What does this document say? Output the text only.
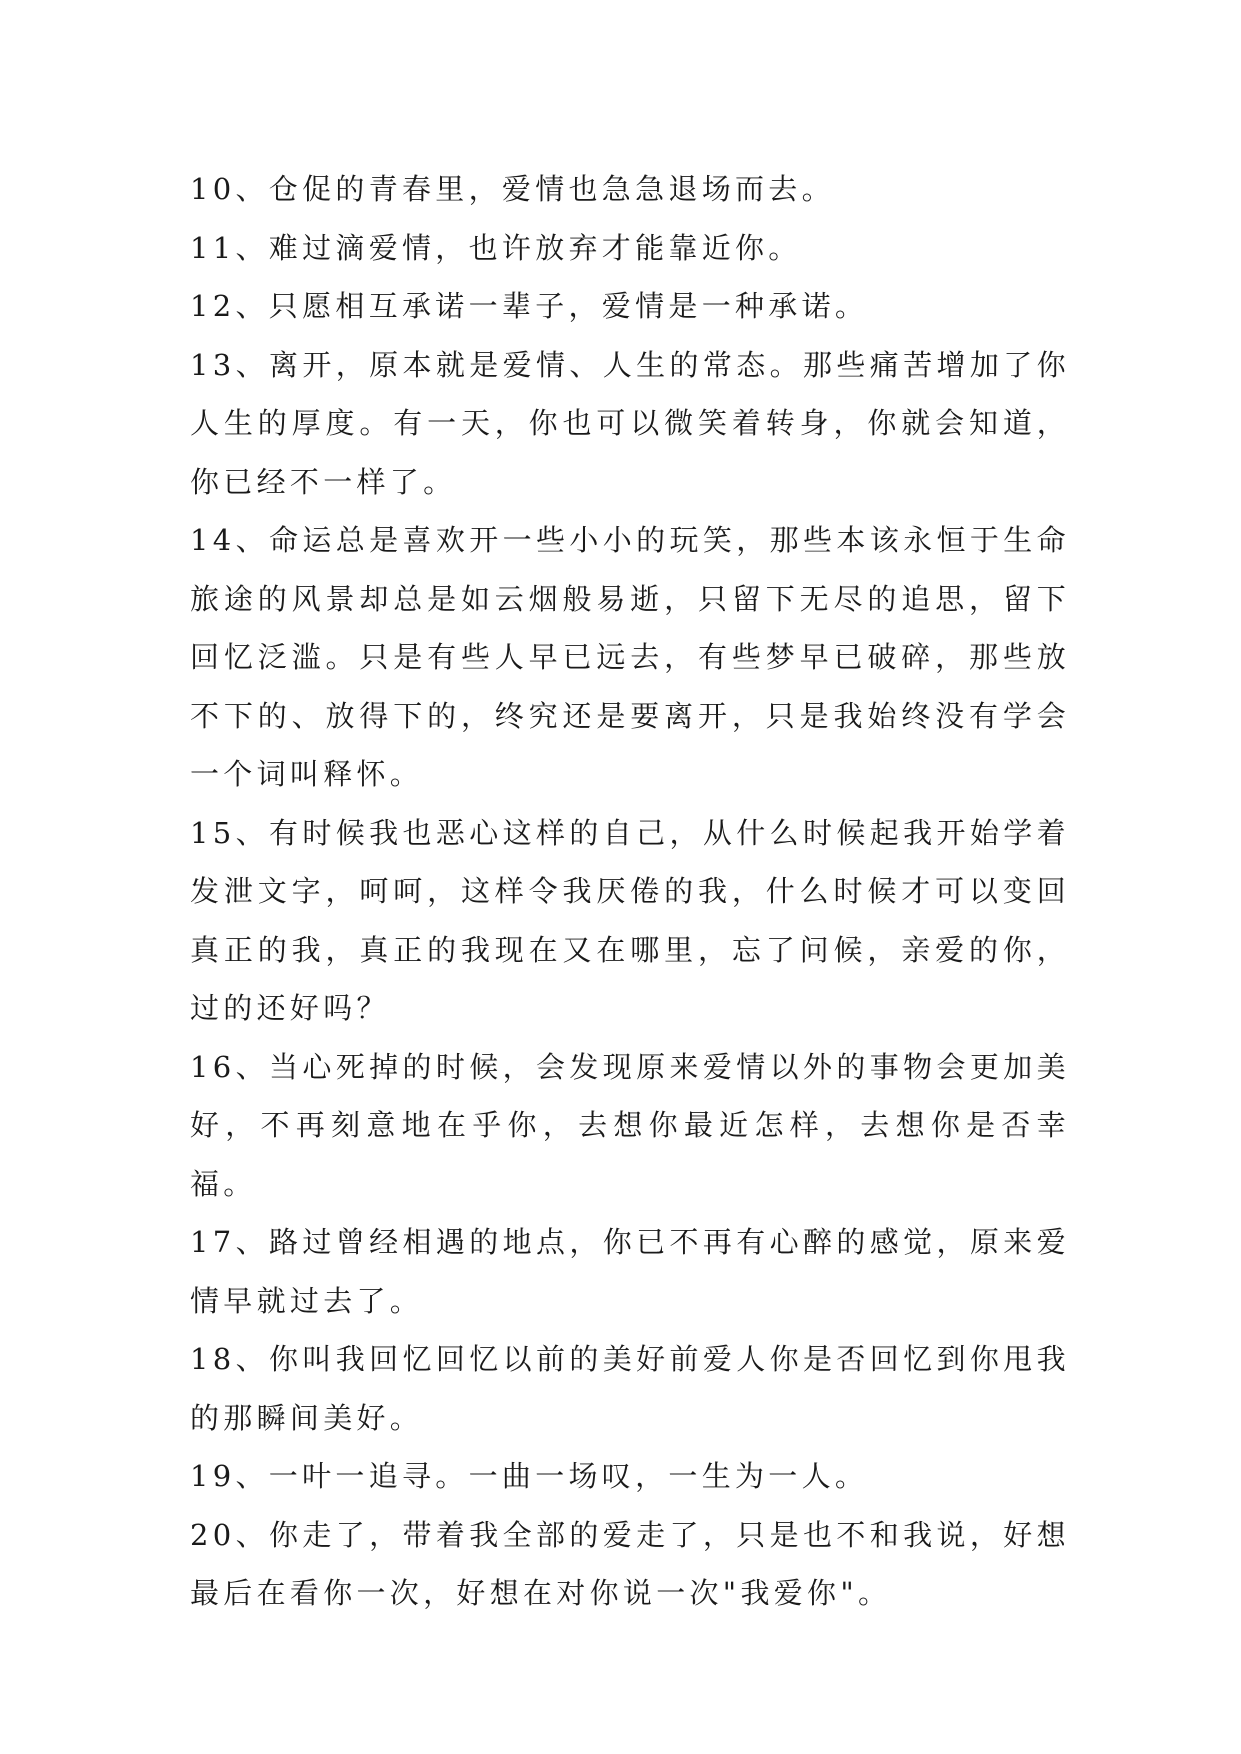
10、仓促的青春里，爱情也急急退场而去。

11、难过滴爱情，也许放弃才能靠近你。

12、只愿相互承诺一辈子，爱情是一种承诺。

13、离开，原本就是爱情、人生的常态。那些痛苦增加了你人生的厚度。有一天，你也可以微笑着转身，你就会知道，你已经不一样了。

14、命运总是喜欢开一些小小的玩笑，那些本该永恒于生命旅途的风景却总是如云烟般易逝，只留下无尽的追思，留下回忆泛滥。只是有些人早已远去，有些梦早已破碎，那些放不下的、放得下的，终究还是要离开，只是我始终没有学会一个词叫释怀。

15、有时候我也恶心这样的自己，从什么时候起我开始学着发泄文字，呵呵，这样令我厌倦的我，什么时候才可以变回真正的我，真正的我现在又在哪里，忘了问候，亲爱的你，过的还好吗？

16、当心死掉的时候，会发现原来爱情以外的事物会更加美好，不再刻意地在乎你，去想你最近怎样，去想你是否幸福。

17、路过曾经相遇的地点，你已不再有心醉的感觉，原来爱情早就过去了。

18、你叫我回忆回忆以前的美好前爱人你是否回忆到你甩我的那瞬间美好。

19、一叶一追寻。一曲一场叹，一生为一人。

20、你走了，带着我全部的爱走了，只是也不和我说，好想最后在看你一次，好想在对你说一次"我爱你"。
